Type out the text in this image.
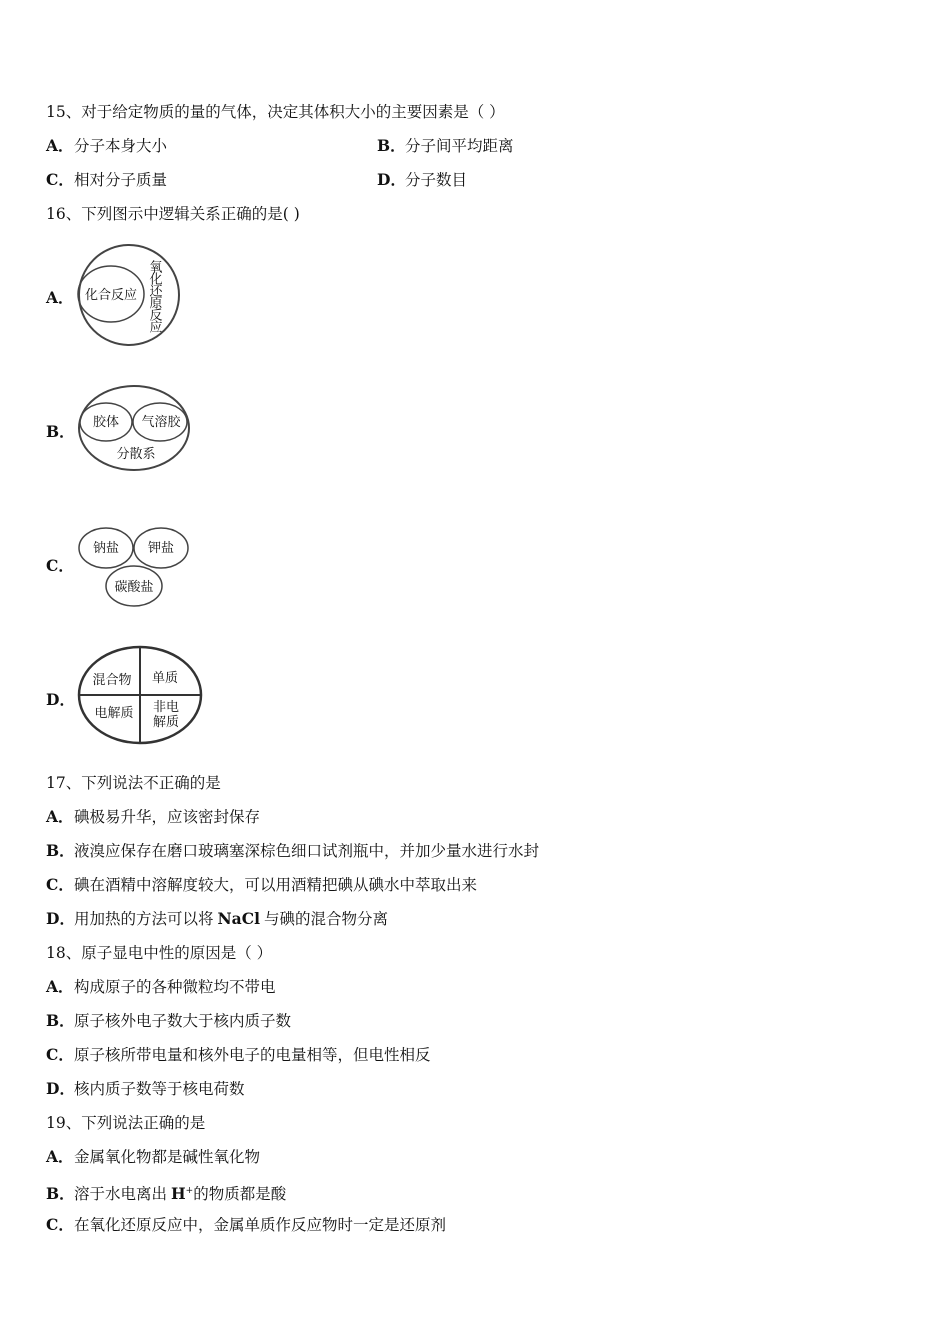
15、对于给定物质的量的气体，决定其体积大小的主要因素是（ ）
A．分子本身大小	B．分子间平均距离
C．相对分子质量	D．分子数目
16、下列图示中逻辑关系正确的是( )
A． 化合反应 氧化还原反应
B． 胶体 气溶胶
分散系
C．
钠盐 钾盐
碳酸盐
D．
混合物 单质
电解质 非电
解质
17、下列说法不正确的是
A．碘极易升华，应该密封保存
B．液溴应保存在磨口玻璃塞深棕色细口试剂瓶中，并加少量水进行水封
C．碘在酒精中溶解度较大，可以用酒精把碘从碘水中萃取出来
D．用加热的方法可以将 NaCl 与碘的混合物分离
18、原子显电中性的原因是（ ）
A．构成原子的各种微粒均不带电
B．原子核外电子数大于核内质子数
C．原子核所带电量和核外电子的电量相等，但电性相反
D．核内质子数等于核电荷数
19、下列说法正确的是
A．金属氧化物都是碱性氧化物
B．溶于水电离出 H+的物质都是酸
C．在氧化还原反应中，金属单质作反应物时一定是还原剂
